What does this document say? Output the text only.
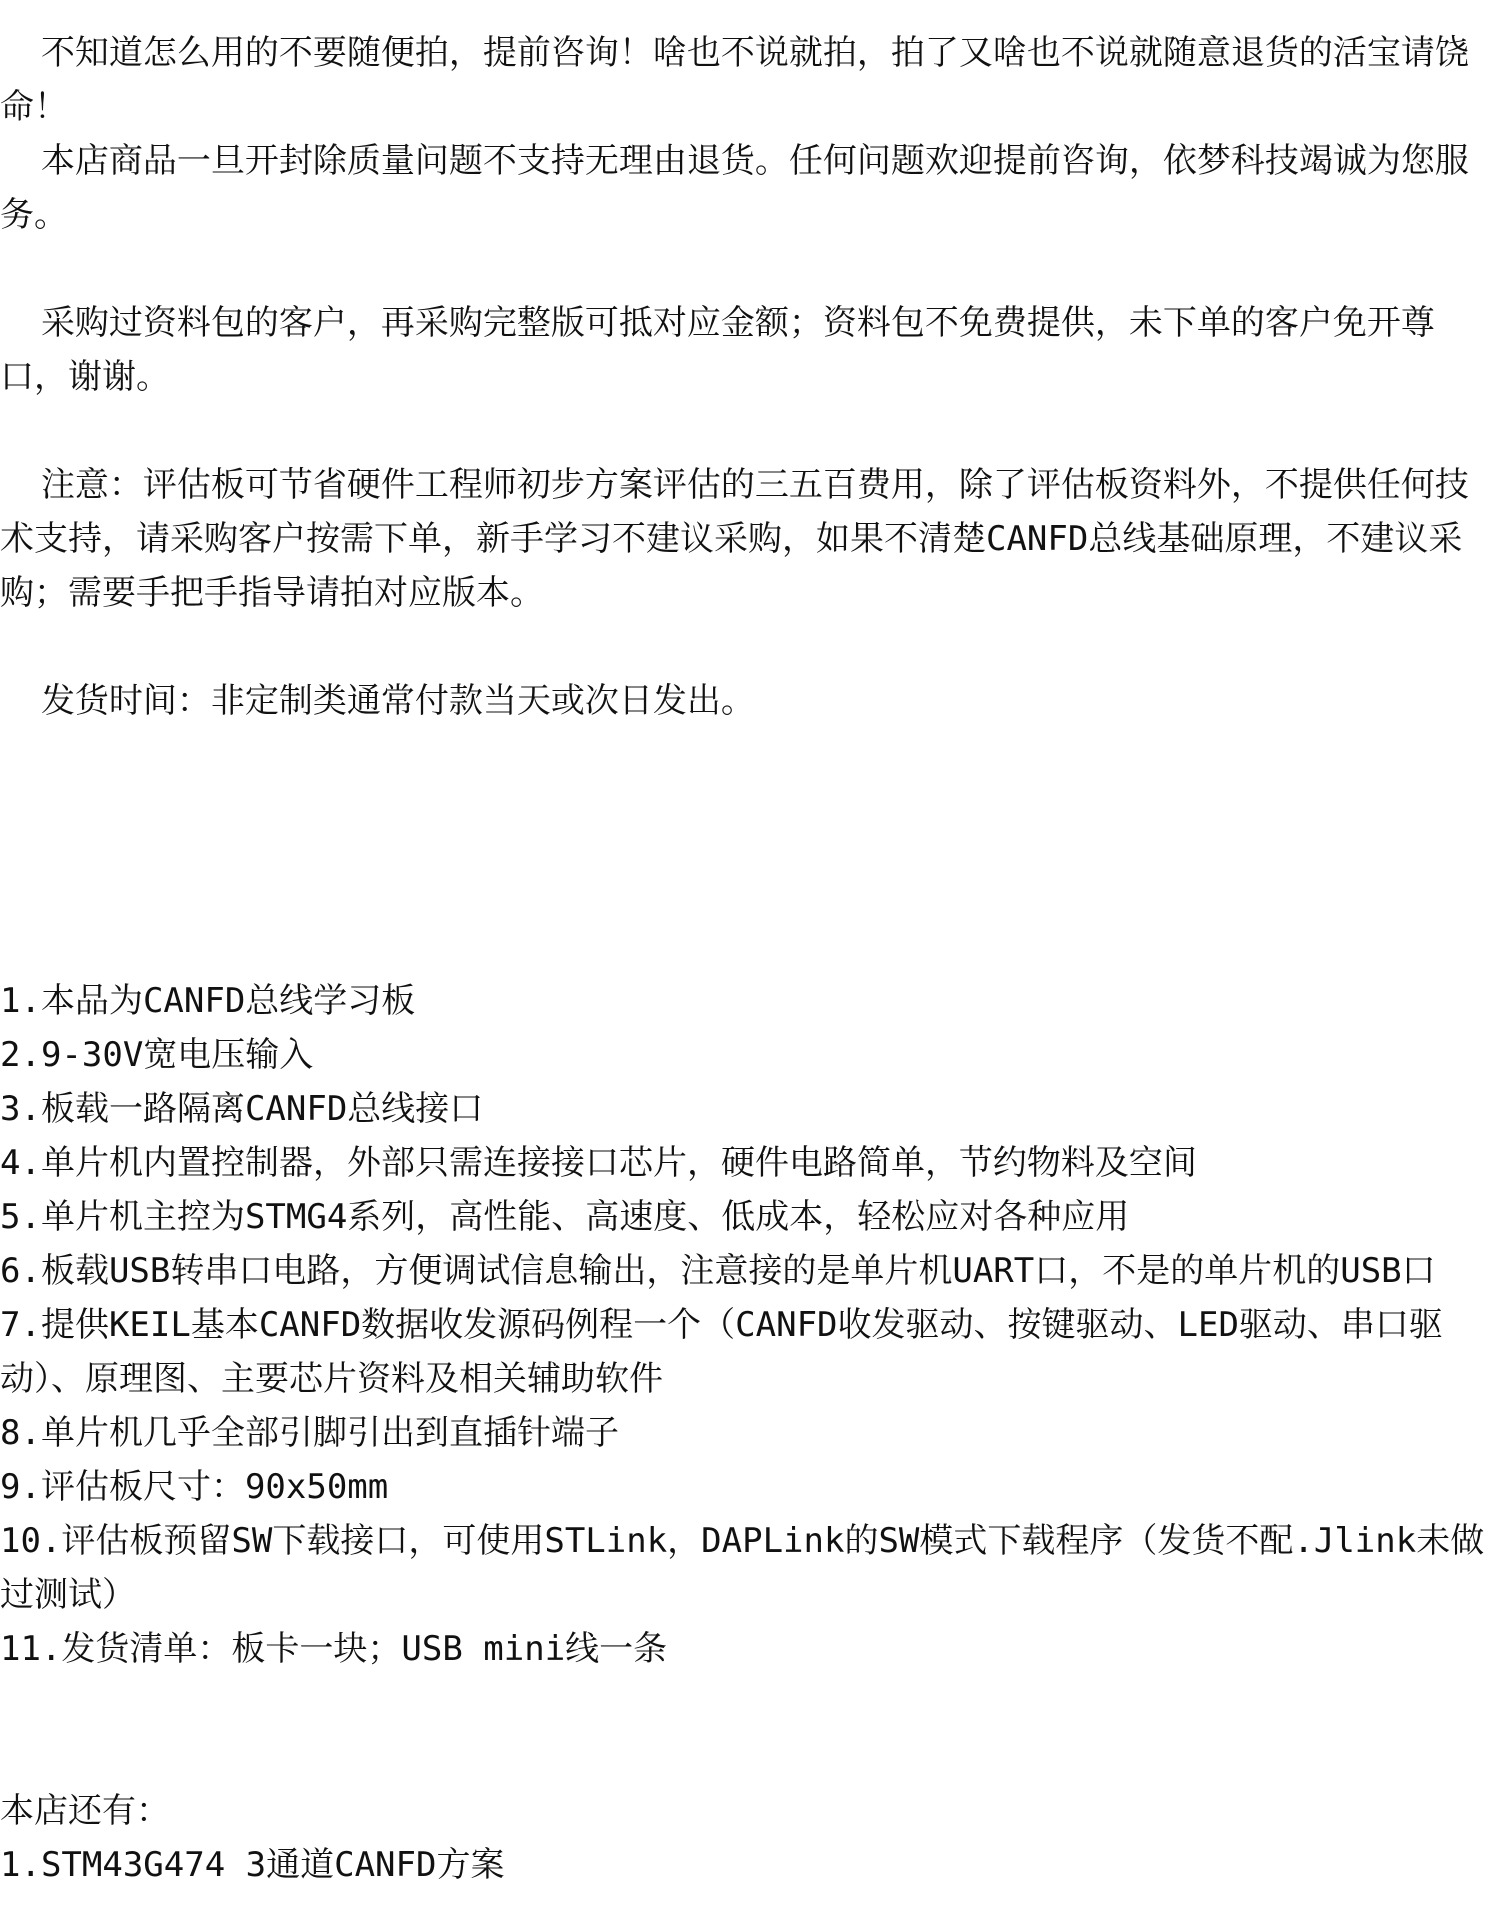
不知道怎么用的不要随便拍，提前咨询！啥也不说就拍，拍了又啥也不说就随意退货的活宝请饶命！

本店商品一旦开封除质量问题不支持无理由退货。任何问题欢迎提前咨询，依梦科技竭诚为您服务。

采购过资料包的客户，再采购完整版可抵对应金额；资料包不免费提供，未下单的客户免开尊口，谢谢。

注意：评估板可节省硬件工程师初步方案评估的三五百费用，除了评估板资料外，不提供任何技术支持，请采购客户按需下单，新手学习不建议采购，如果不清楚CANFD总线基础原理，不建议采购；需要手把手指导请拍对应版本。

发货时间：非定制类通常付款当天或次日发出。

1.本品为CANFD总线学习板
2.9-30V宽电压输入
3.板载一路隔离CANFD总线接口
4.单片机内置控制器，外部只需连接接口芯片，硬件电路简单，节约物料及空间
5.单片机主控为STMG4系列，高性能、高速度、低成本，轻松应对各种应用
6.板载USB转串口电路，方便调试信息输出，注意接的是单片机UART口，不是的单片机的USB口
7.提供KEIL基本CANFD数据收发源码例程一个（CANFD收发驱动、按键驱动、LED驱动、串口驱动）、原理图、主要芯片资料及相关辅助软件
8.单片机几乎全部引脚引出到直插针端子
9.评估板尺寸：90x50mm
10.评估板预留SW下载接口，可使用STLink，DAPLink的SW模式下载程序（发货不配.Jlink未做过测试）
11.发货清单：板卡一块；USB mini线一条

本店还有：

1.STM43G474 3通道CANFD方案
